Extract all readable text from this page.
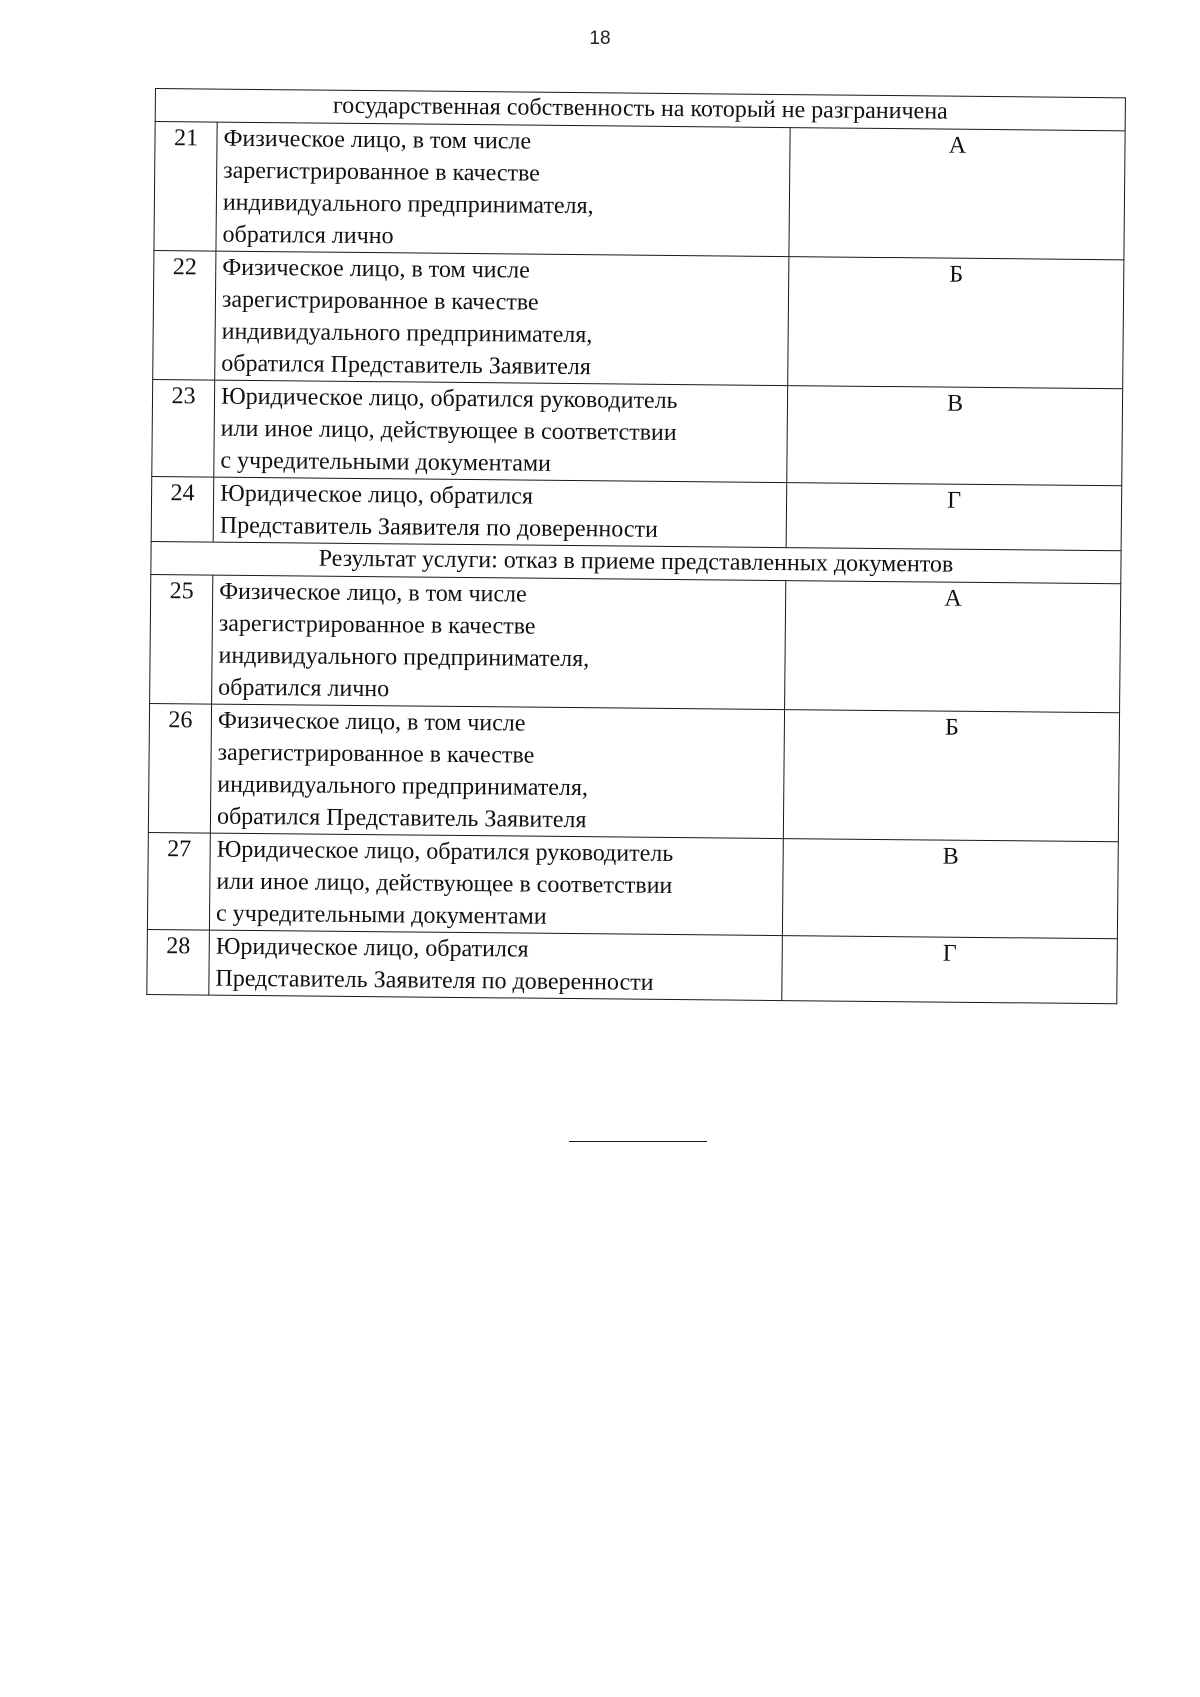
18
государственная собственность на который не разграничена		
21	Физическое лицо, в том числе
зарегистрированное в качестве
индивидуального предпринимателя,
обратился лично	А
22	Физическое лицо, в том числе
зарегистрированное в качестве
индивидуального предпринимателя,
обратился Представитель Заявителя	Б
23	Юридическое лицо, обратился руководитель
или иное лицо, действующее в соответствии
с учредительными документами	В
24	Юридическое лицо, обратился
Представитель Заявителя по доверенности	Г
Результат услуги: отказ в приеме представленных документов		
25	Физическое лицо, в том числе
зарегистрированное в качестве
индивидуального предпринимателя,
обратился лично	А
26	Физическое лицо, в том числе
зарегистрированное в качестве
индивидуального предпринимателя,
обратился Представитель Заявителя	Б
27	Юридическое лицо, обратился руководитель
или иное лицо, действующее в соответствии
с учредительными документами	В
28	Юридическое лицо, обратился
Представитель Заявителя по доверенности	Г
